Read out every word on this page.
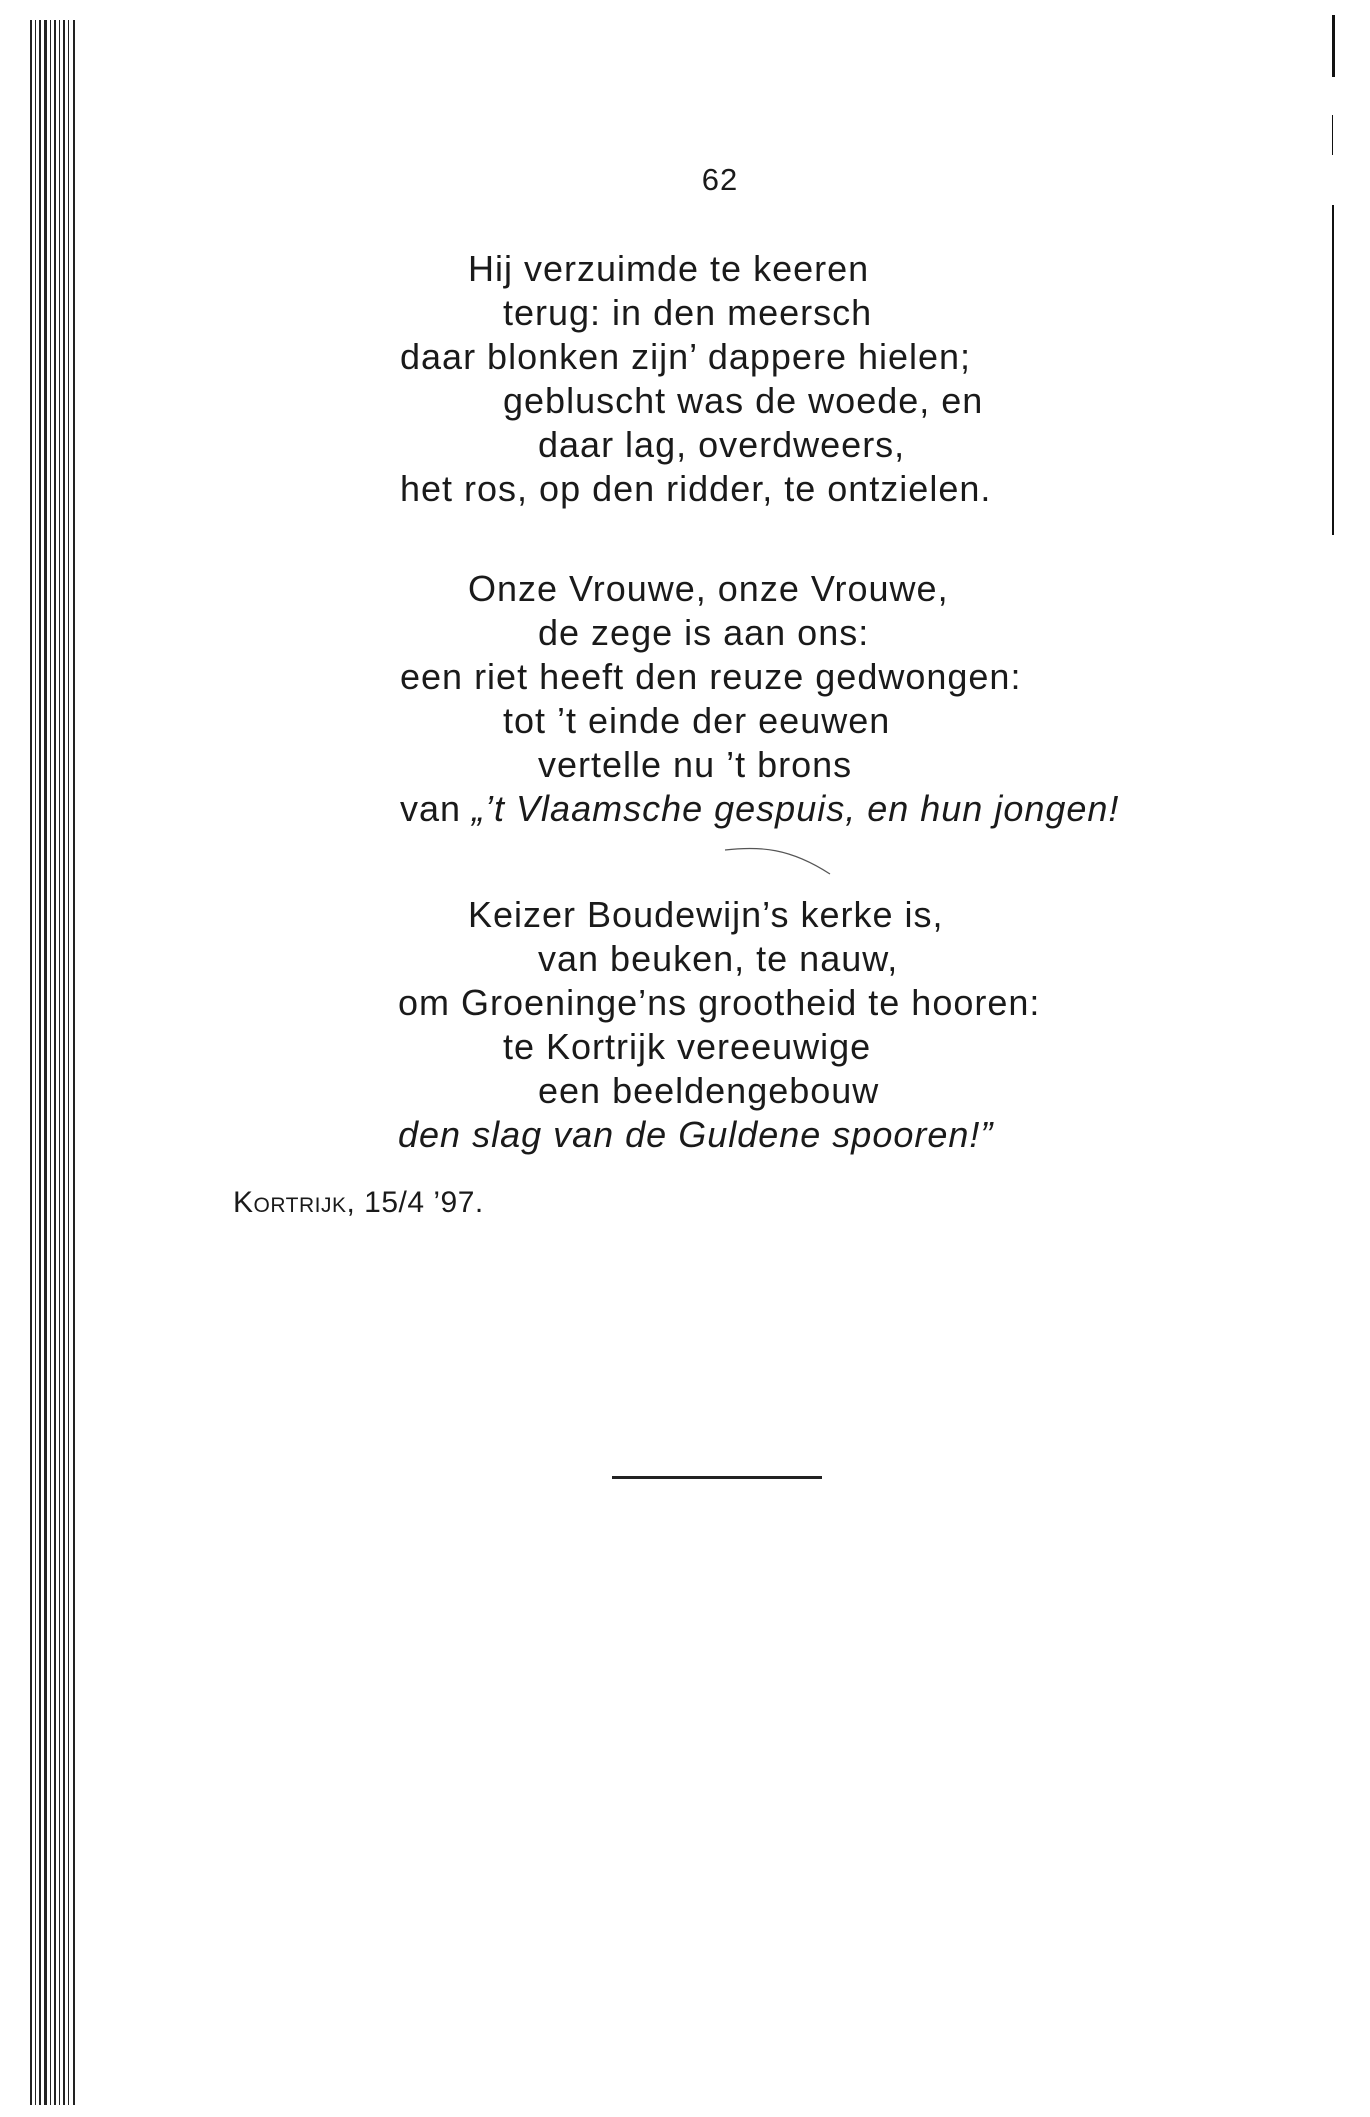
62
Hij verzuimde te keeren
terug: in den meersch
daar blonken zijn’ dappere hielen;
gebluscht was de woede, en
daar lag, overdweers,
het ros, op den ridder, te ontzielen.
Onze Vrouwe, onze Vrouwe,
de zege is aan ons:
een riet heeft den reuze gedwongen:
tot ’t einde der eeuwen
vertelle nu ’t brons
van „’t Vlaamsche gespuis, en hun jongen!
Keizer Boudewijn’s kerke is,
van beuken, te nauw,
om Groeninge’ns grootheid te hooren:
te Kortrijk vereeuwige
een beeldengebouw
den slag van de Guldene spooren!”
Kortrijk, 15/4 ’97.
